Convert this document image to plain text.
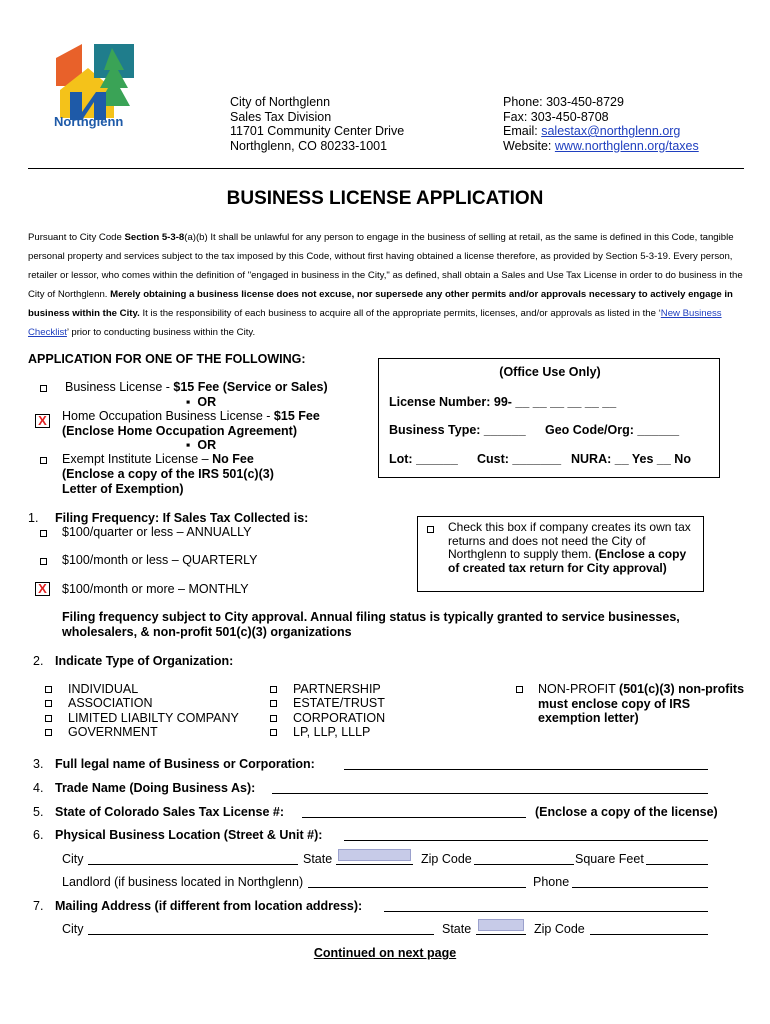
Northglenn
City of Northglenn
Sales Tax Division
11701 Community Center Drive
Northglenn, CO 80233-1001
Phone: 303-450-8729
Fax: 303-450-8708
Email: salestax@northglenn.org
Website: www.northglenn.org/taxes
BUSINESS LICENSE APPLICATION
Pursuant to City Code Section 5-3-8(a)(b) It shall be unlawful for any person to engage in the business of selling at retail, as the same is defined in this Code, tangible personal property and services subject to the tax imposed by this Code, without first having obtained a license therefore, as provided by Section 5-3-19. Every person, retailer or lessor, who comes within the definition of "engaged in business in the City," as defined, shall obtain a Sales and Use Tax License in order to do business in the City of Northglenn. Merely obtaining a business license does not excuse, nor supersede any other permits and/or approvals necessary to actively engage in business within the City. It is the responsibility of each business to acquire all of the appropriate permits, licenses, and/or approvals as listed in the ‘New Business Checklist’ prior to conducting business within the City.
APPLICATION FOR ONE OF THE FOLLOWING:
Business License - $15 Fee (Service or Sales)
▪  OR
X Home Occupation Business License - $15 Fee
(Enclose Home Occupation Agreement)
▪  OR
Exempt Institute License – No Fee
(Enclose a copy of the IRS 501(c)(3)
Letter of Exemption)
(Office Use Only)
License Number: 99- __ __ __ __ __ __
Business Type: ______ Geo Code/Org: ______
Lot: ______ Cust: _______ NURA: __ Yes __ No
1. Filing Frequency: If Sales Tax Collected is:
$100/quarter or less – ANNUALLY
$100/month or less – QUARTERLY
X $100/month or more – MONTHLY
Check this box if company creates its own tax returns and does not need the City of Northglenn to supply them. (Enclose a copy of created tax return for City approval)
Filing frequency subject to City approval. Annual filing status is typically granted to service businesses, wholesalers, & non-profit 501(c)(3) organizations
2. Indicate Type of Organization:
INDIVIDUAL
ASSOCIATION
LIMITED LIABILTY COMPANY
GOVERNMENT
PARTNERSHIP
ESTATE/TRUST
CORPORATION
LP, LLP, LLLP
NON-PROFIT (501(c)(3) non-profits must enclose copy of IRS exemption letter)
3. Full legal name of Business or Corporation:
4. Trade Name (Doing Business As):
5. State of Colorado Sales Tax License #:	(Enclose a copy of the license)
6. Physical Business Location (Street & Unit #):
City	State	Zip Code	Square Feet
Landlord (if business located in Northglenn)	Phone
7. Mailing Address (if different from location address):
City	State	Zip Code
Continued on next page
